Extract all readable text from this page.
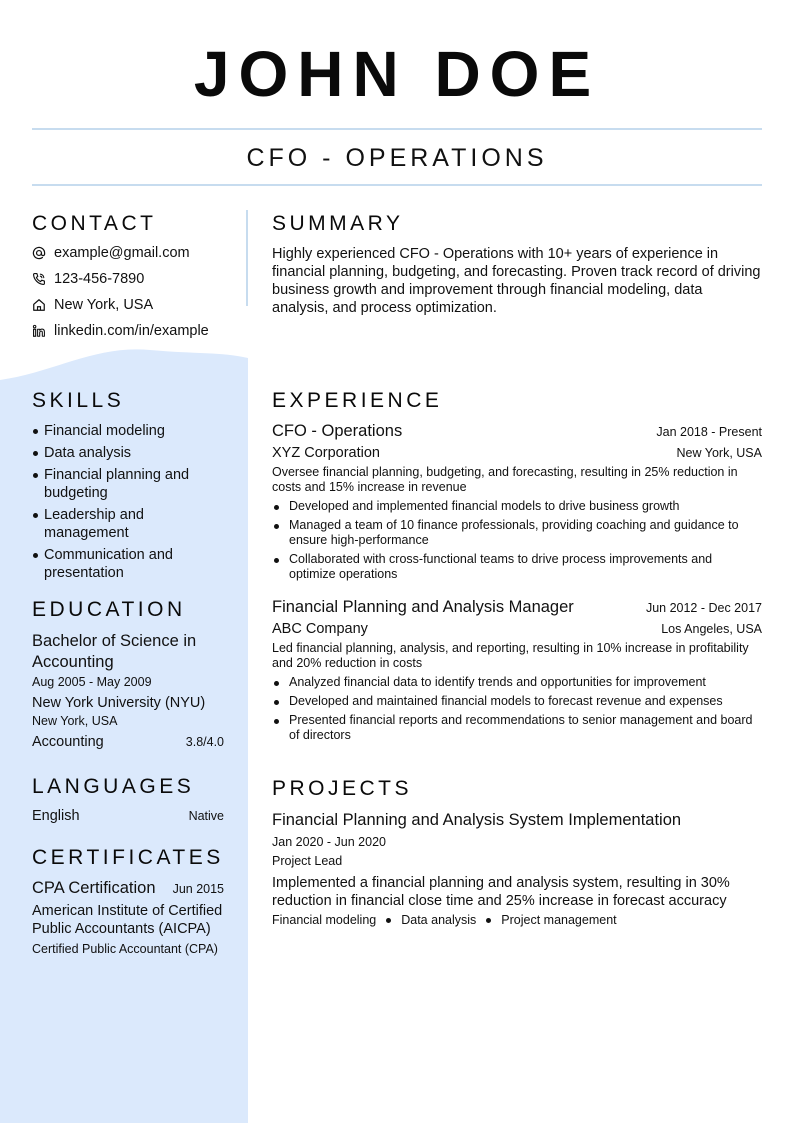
JOHN DOE
CFO - OPERATIONS
CONTACT
example@gmail.com
123-456-7890
New York, USA
linkedin.com/in/example
SKILLS
Financial modeling
Data analysis
Financial planning and budgeting
Leadership and management
Communication and presentation
EDUCATION
Bachelor of Science in Accounting
Aug 2005 - May 2009
New York University (NYU)
New York, USA
Accounting	3.8/4.0
LANGUAGES
English	Native
CERTIFICATES
CPA Certification Jun 2015
American Institute of Certified Public Accountants (AICPA)
Certified Public Accountant (CPA)
SUMMARY

Highly experienced CFO - Operations with 10+ years of experience in financial planning, budgeting, and forecasting. Proven track record of driving business growth and improvement through financial modeling, data analysis, and process optimization.

EXPERIENCE
CFO - Operations	Jan 2018 - Present
XYZ Corporation	New York, USA

Oversee financial planning, budgeting, and forecasting, resulting in 25% reduction in costs and 15% increase in revenue

Developed and implemented financial models to drive business growth
Managed a team of 10 finance professionals, providing coaching and guidance to ensure high-performance
Collaborated with cross-functional teams to drive process improvements and optimize operations
Financial Planning and Analysis Manager	Jun 2012 - Dec 2017
ABC Company	Los Angeles, USA

Led financial planning, analysis, and reporting, resulting in 10% increase in profitability and 20% reduction in costs

Analyzed financial data to identify trends and opportunities for improvement
Developed and maintained financial models to forecast revenue and expenses
Presented financial reports and recommendations to senior management and board of directors
PROJECTS
Financial Planning and Analysis System Implementation
Jan 2020 - Jun 2020
Project Lead

Implemented a financial planning and analysis system, resulting in 30% reduction in financial close time and 25% increase in forecast accuracy

Financial modeling Data analysis Project management
